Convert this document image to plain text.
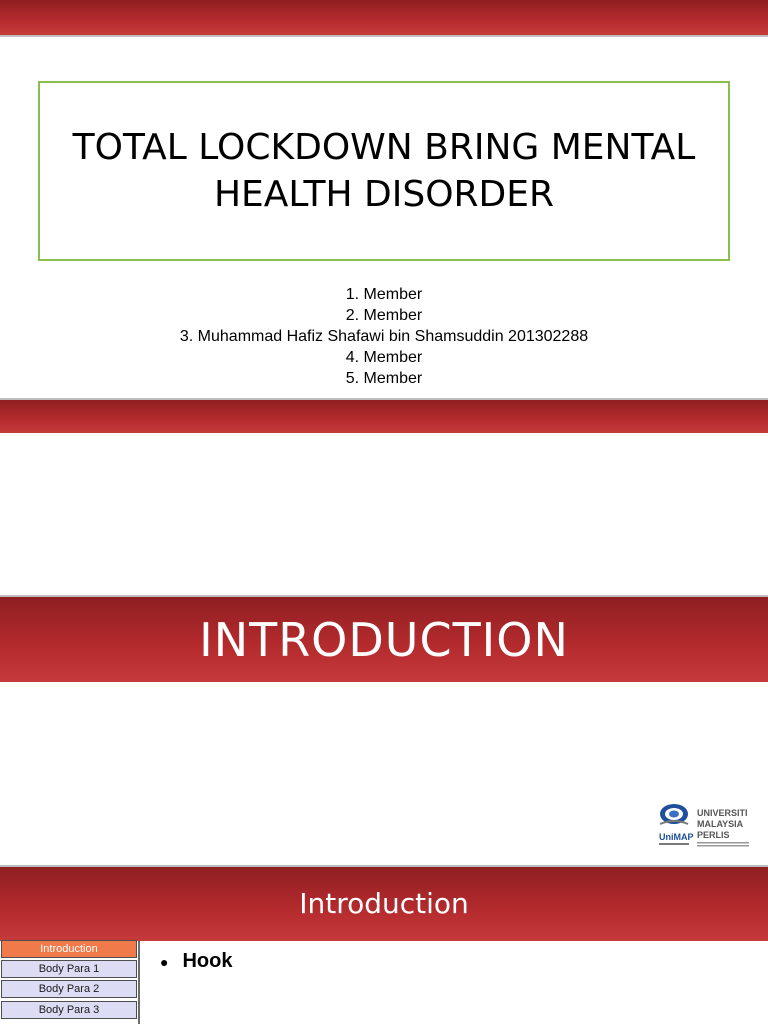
TOTAL LOCKDOWN BRING MENTAL HEALTH DISORDER
1. Member
2. Member
3. Muhammad Hafiz Shafawi bin Shamsuddin 201302288
4. Member
5. Member
INTRODUCTION
UniMAP
UNIVERSITI
MALAYSIA
PERLIS
Introduction
Introduction
Body Para 1
Body Para 2
Body Para 3
● Hook
